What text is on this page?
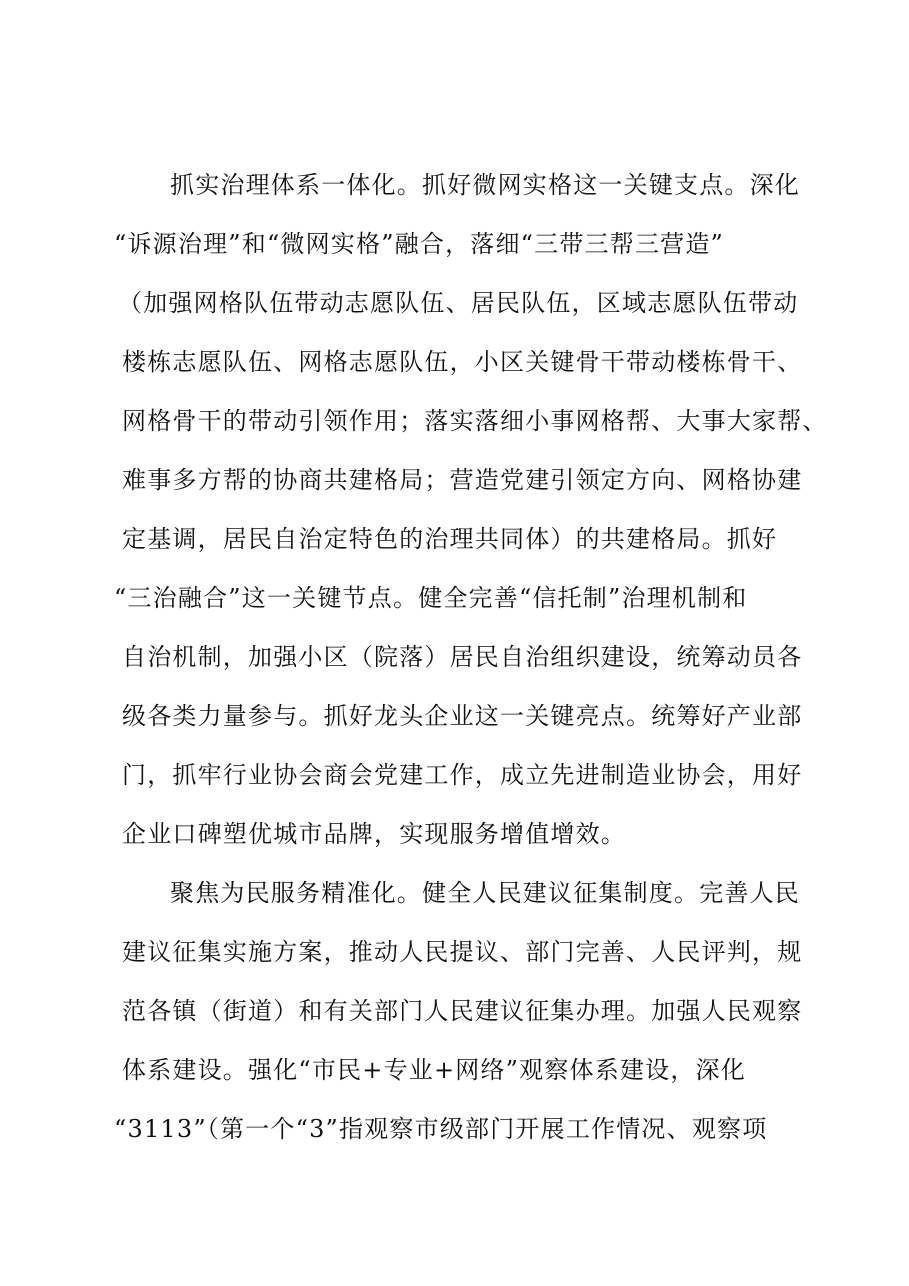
抓实治理体系一体化。抓好微网实格这一关键支点。深化
“诉源治理”和“微网实格”融合，落细“三带三帮三营造”
（加强网格队伍带动志愿队伍、居民队伍，区域志愿队伍带动
楼栋志愿队伍、网格志愿队伍，小区关键骨干带动楼栋骨干、
网格骨干的带动引领作用；落实落细小事网格帮、大事大家帮、
难事多方帮的协商共建格局；营造党建引领定方向、网格协建
定基调，居民自治定特色的治理共同体）的共建格局。抓好
“三治融合”这一关键节点。健全完善“信托制”治理机制和
自治机制，加强小区（院落）居民自治组织建设，统筹动员各
级各类力量参与。抓好龙头企业这一关键亮点。统筹好产业部
门，抓牢行业协会商会党建工作，成立先进制造业协会，用好
企业口碑塑优城市品牌，实现服务增值增效。
聚焦为民服务精准化。健全人民建议征集制度。完善人民
建议征集实施方案，推动人民提议、部门完善、人民评判，规
范各镇（街道）和有关部门人民建议征集办理。加强人民观察
体系建设。强化“市民+专业+网络”观察体系建设，深化
“3113”（第一个“3”指观察市级部门开展工作情况、观察项
